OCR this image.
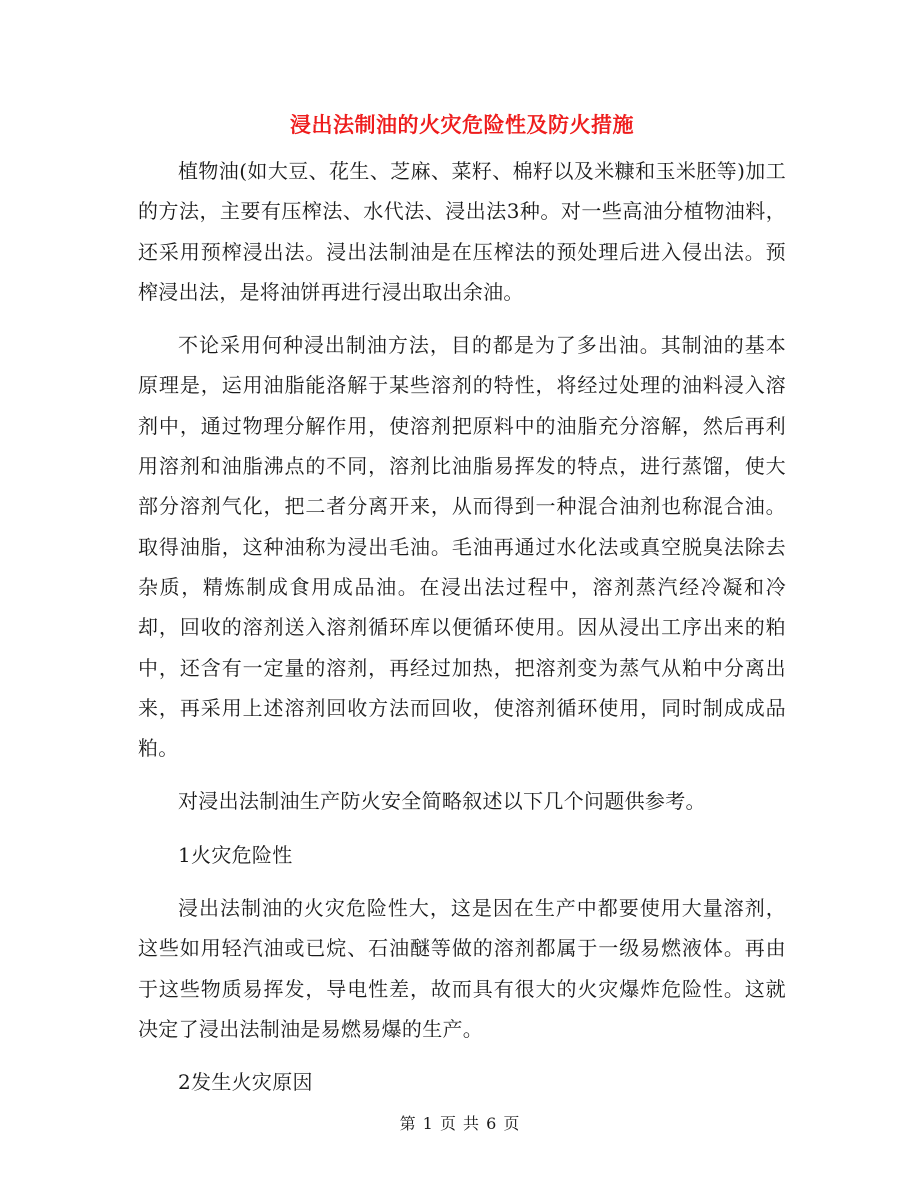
浸出法制油的火灾危险性及防火措施

植物油(如大豆、花生、芝麻、菜籽、棉籽以及米糠和玉米胚等)加工的方法，主要有压榨法、水代法、浸出法3种。对一些高油分植物油料，还采用预榨浸出法。浸出法制油是在压榨法的预处理后进入侵出法。预榨浸出法，是将油饼再进行浸出取出余油。

不论采用何种浸出制油方法，目的都是为了多出油。其制油的基本原理是，运用油脂能洛解于某些溶剂的特性，将经过处理的油料浸入溶剂中，通过物理分解作用，使溶剂把原料中的油脂充分溶解，然后再利用溶剂和油脂沸点的不同，溶剂比油脂易挥发的特点，进行蒸馏，使大部分溶剂气化，把二者分离开来，从而得到一种混合油剂也称混合油。取得油脂，这种油称为浸出毛油。毛油再通过水化法或真空脱臭法除去杂质，精炼制成食用成品油。在浸出法过程中，溶剂蒸汽经冷凝和冷却，回收的溶剂送入溶剂循环库以便循环使用。因从浸出工序出来的粕中，还含有一定量的溶剂，再经过加热，把溶剂变为蒸气从粕中分离出来，再采用上述溶剂回收方法而回收，使溶剂循环使用，同时制成成品粕。

对浸出法制油生产防火安全简略叙述以下几个问题供参考。

1火灾危险性

浸出法制油的火灾危险性大，这是因在生产中都要使用大量溶剂，这些如用轻汽油或已烷、石油醚等做的溶剂都属于一级易燃液体。再由于这些物质易挥发，导电性差，故而具有很大的火灾爆炸危险性。这就决定了浸出法制油是易燃易爆的生产。

2发生火灾原因

第 1 页 共 6 页
